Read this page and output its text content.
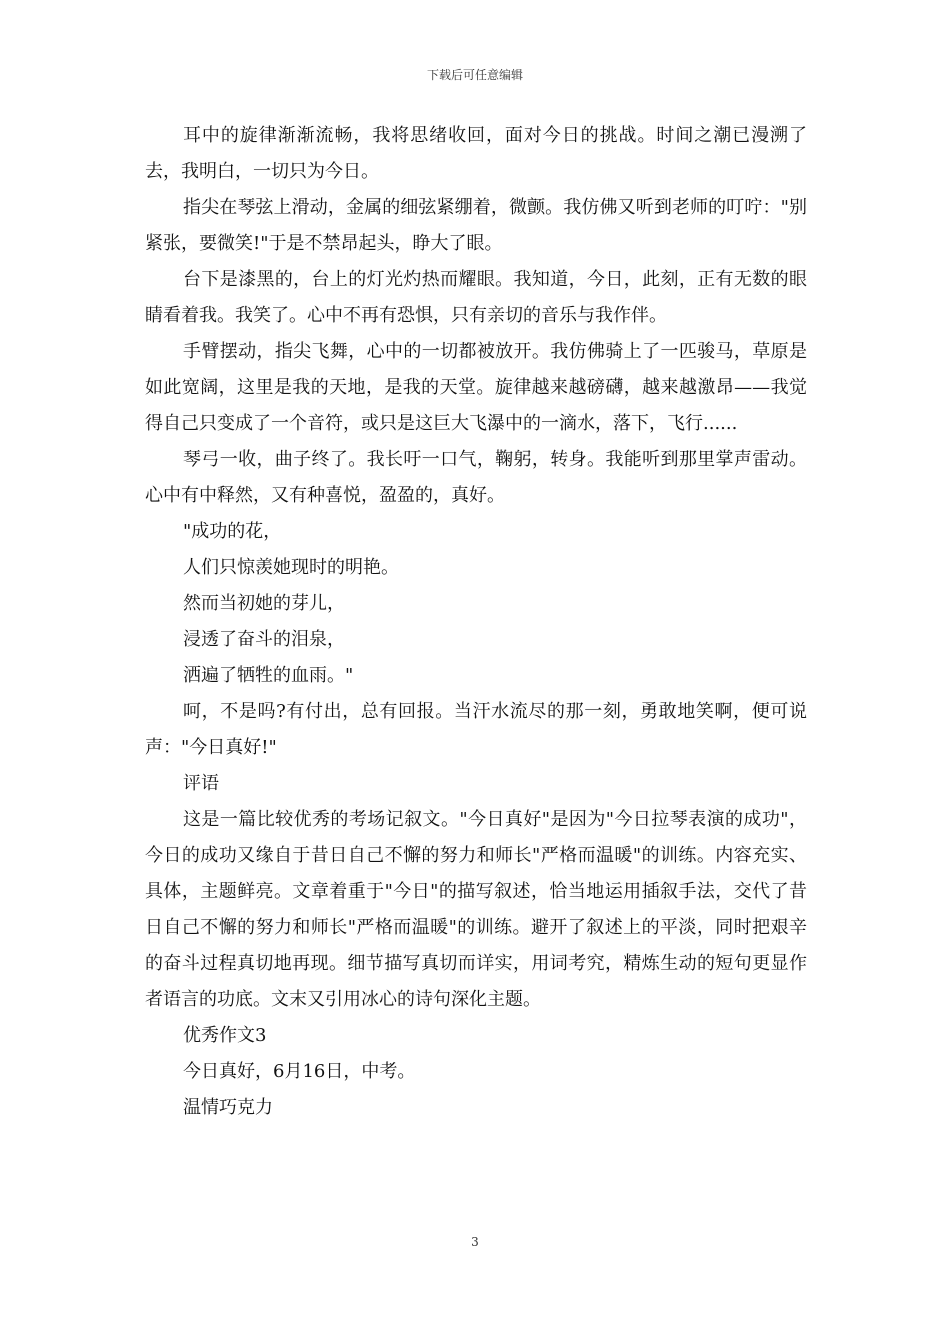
下载后可任意编辑

耳中的旋律渐渐流畅，我将思绪收回，面对今日的挑战。时间之潮已漫溯了去，我明白，一切只为今日。

指尖在琴弦上滑动，金属的细弦紧绷着，微颤。我仿佛又听到老师的叮咛："别紧张，要微笑!"于是不禁昂起头，睁大了眼。

台下是漆黑的，台上的灯光灼热而耀眼。我知道，今日，此刻，正有无数的眼睛看着我。我笑了。心中不再有恐惧，只有亲切的音乐与我作伴。

手臂摆动，指尖飞舞，心中的一切都被放开。我仿佛骑上了一匹骏马，草原是如此宽阔，这里是我的天地，是我的天堂。旋律越来越磅礴，越来越激昂——我觉得自己只变成了一个音符，或只是这巨大飞瀑中的一滴水，落下，飞行......

琴弓一收，曲子终了。我长吁一口气，鞠躬，转身。我能听到那里掌声雷动。心中有中释然，又有种喜悦，盈盈的，真好。

"成功的花，

人们只惊羡她现时的明艳。

然而当初她的芽儿，

浸透了奋斗的泪泉，

洒遍了牺牲的血雨。"

呵，不是吗?有付出，总有回报。当汗水流尽的那一刻，勇敢地笑啊，便可说声："今日真好!"

评语

这是一篇比较优秀的考场记叙文。"今日真好"是因为"今日拉琴表演的成功"，今日的成功又缘自于昔日自己不懈的努力和师长"严格而温暖"的训练。内容充实、具体，主题鲜亮。文章着重于"今日"的描写叙述，恰当地运用插叙手法，交代了昔日自己不懈的努力和师长"严格而温暖"的训练。避开了叙述上的平淡，同时把艰辛的奋斗过程真切地再现。细节描写真切而详实，用词考究，精炼生动的短句更显作者语言的功底。文末又引用冰心的诗句深化主题。

优秀作文3

今日真好，6月16日，中考。

温情巧克力

3
